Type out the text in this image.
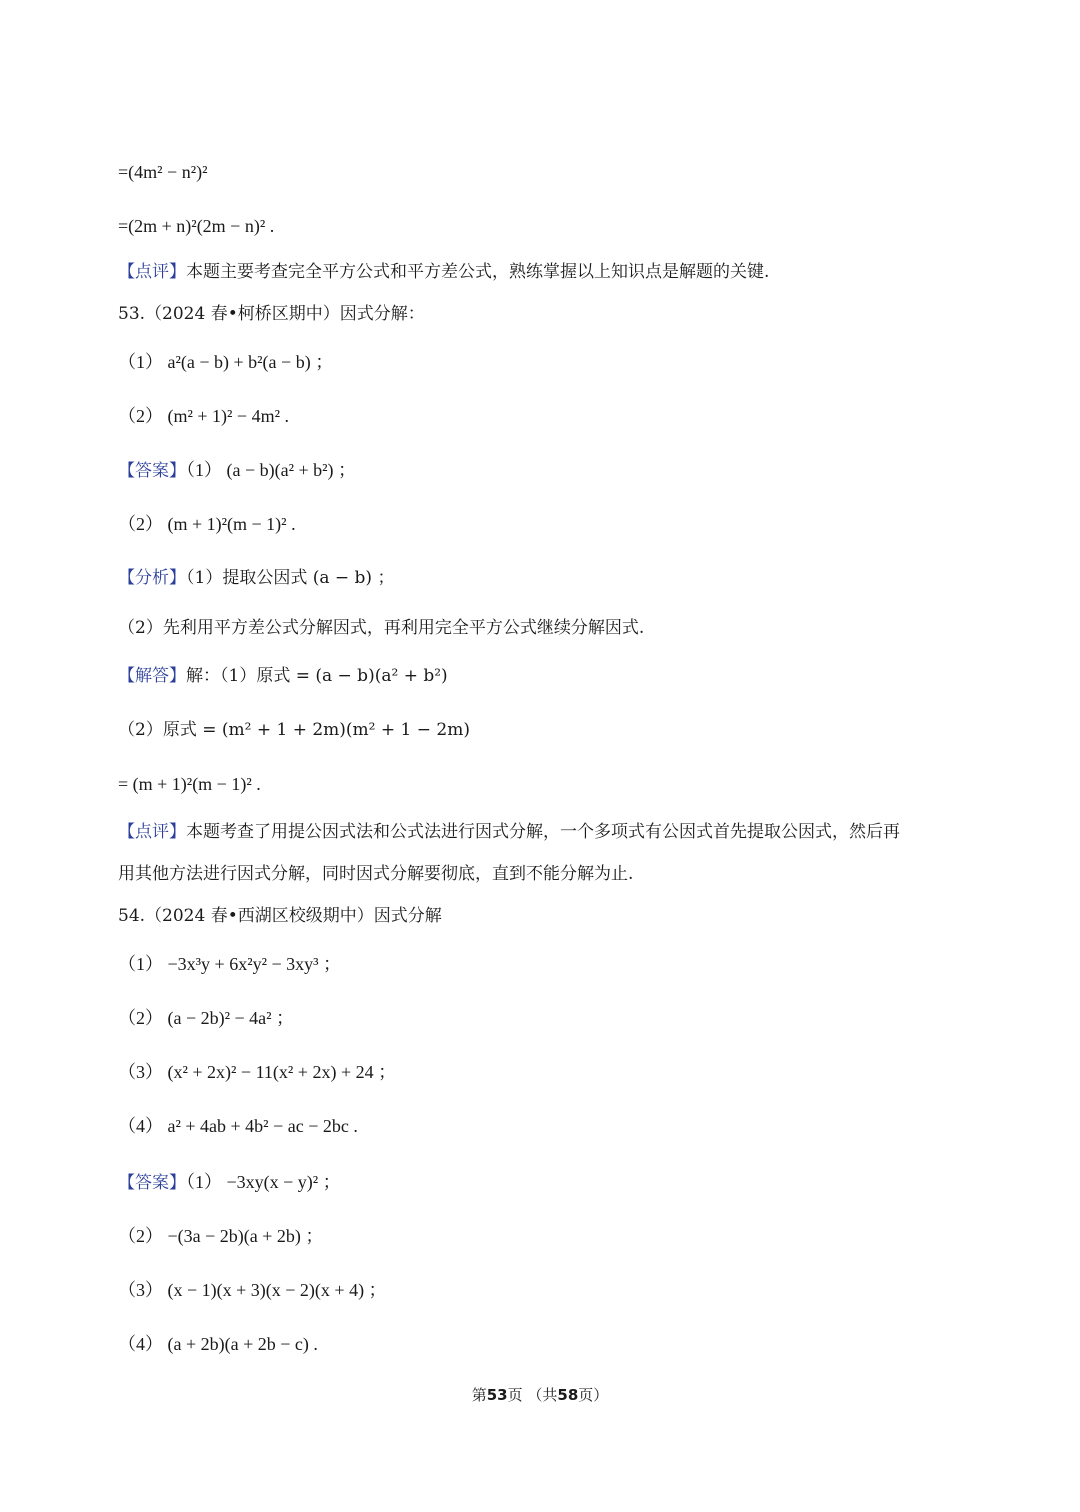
=(4m² − n²)²
=(2m + n)²(2m − n)² .
【点评】本题主要考查完全平方公式和平方差公式，熟练掌握以上知识点是解题的关键.
53.（2024 春•柯桥区期中）因式分解：
（1） a²(a − b) + b²(a − b) ；
（2） (m² + 1)² − 4m² .
【答案】（1） (a − b)(a² + b²) ；
（2） (m + 1)²(m − 1)² .
【分析】（1）提取公因式 (a − b) ；
（2）先利用平方差公式分解因式，再利用完全平方公式继续分解因式.
【解答】解：（1）原式 = (a − b)(a² + b²)
（2）原式 = (m² + 1 + 2m)(m² + 1 − 2m)
= (m + 1)²(m − 1)² .
【点评】本题考查了用提公因式法和公式法进行因式分解，一个多项式有公因式首先提取公因式，然后再
用其他方法进行因式分解，同时因式分解要彻底，直到不能分解为止.
54.（2024 春•西湖区校级期中）因式分解
（1） −3x³y + 6x²y² − 3xy³ ；
（2） (a − 2b)² − 4a² ；
（3） (x² + 2x)² − 11(x² + 2x) + 24 ；
（4） a² + 4ab + 4b² − ac − 2bc .
【答案】（1） −3xy(x − y)² ；
（2） −(3a − 2b)(a + 2b) ；
（3） (x − 1)(x + 3)(x − 2)(x + 4) ；
（4） (a + 2b)(a + 2b − c) .
第53页 （共58页）
